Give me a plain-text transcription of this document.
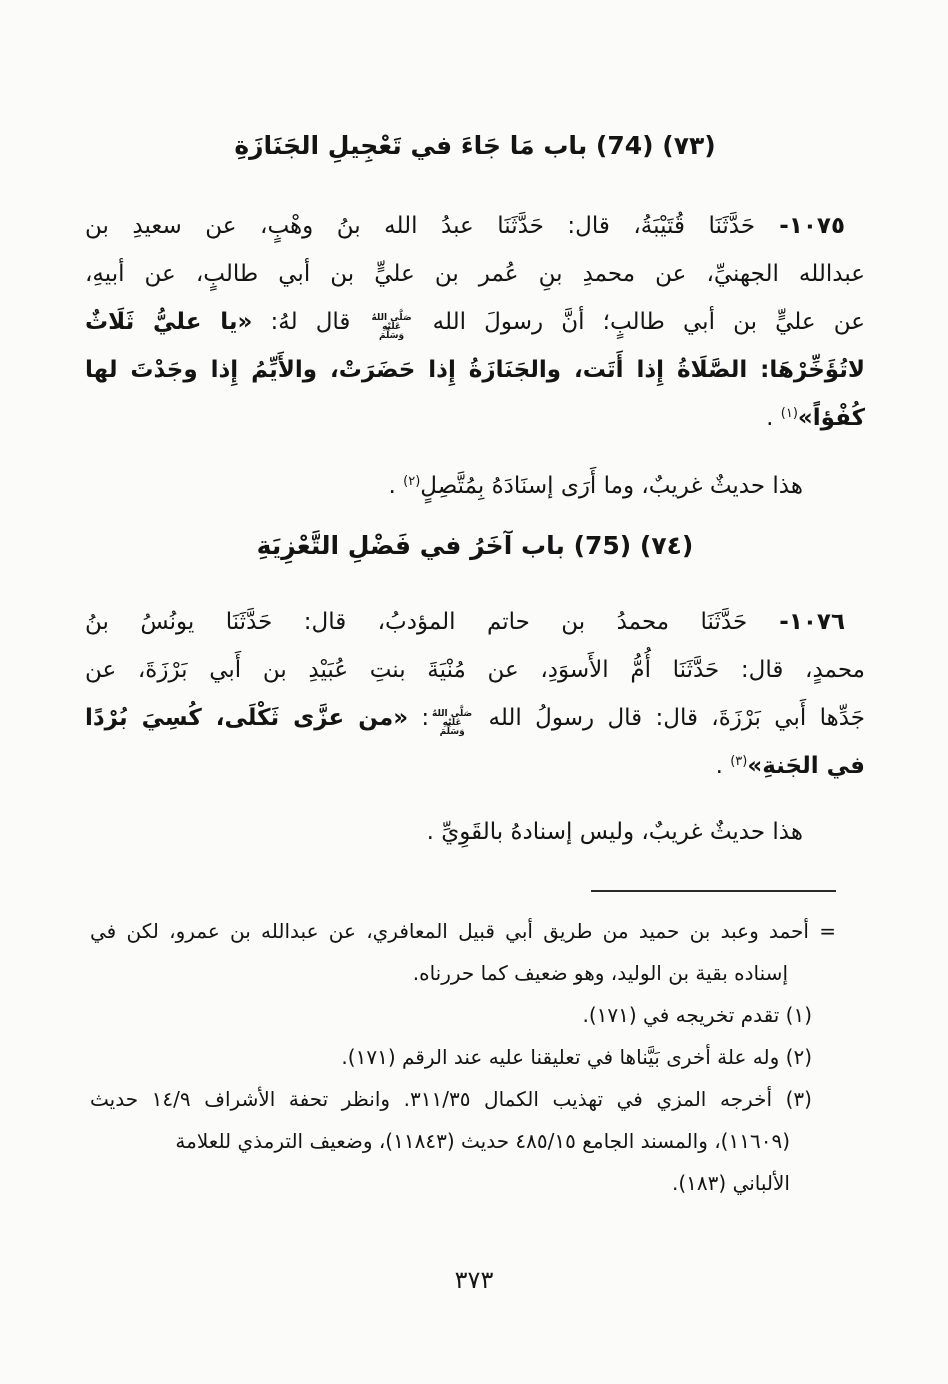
(٧٣) (74) باب مَا جَاءَ في تَعْجِيلِ الجَنَازَةِ
١٠٧٥- حَدَّثَنَا قُتَيْبَةُ، قال: حَدَّثَنَا عبدُ الله بنُ وهْبٍ، عن سعيدِ بن
عبدالله الجهنيِّ، عن محمدِ بنِ عُمر بن عليٍّ بن أبي طالبٍ، عن أبيهِ،
عن عليٍّ بن أبي طالبٍ؛ أنَّ رسولَ الله
صَلَّى اللهُ
عَلَيْهِ وَسَلَّمَ
قال لهُ: «يا عليُّ ثَلَاثٌ
لاتُؤَخِّرْهَا: الصَّلَاةُ إِذا أَتَت، والجَنَازَةُ إِذا حَضَرَتْ، والأَيِّمُ إِذا وجَدْتَ لها
كُفْؤاً»$^{(١)}$ .
هذا حديثٌ غريبٌ، وما أَرَى إسنَادَهُ بِمُتَّصِلٍ$^{(٢)}$ .
(٧٤) (75) باب آخَرُ في فَضْلِ التَّعْزِيَةِ
١٠٧٦- حَدَّثَنَا محمدُ بن حاتم المؤدبُ، قال: حَدَّثَنَا يونُسُ بنُ
محمدٍ، قال: حَدَّثَنَا أُمُّ الأَسوَدِ، عن مُنْيَةَ بنتِ عُبَيْدِ بن أَبي بَرْزَةَ، عن
جَدِّها أَبي بَرْزَةَ، قال: قال رسولُ الله
صَلَّى اللهُ
عَلَيْهِ وَسَلَّمَ
: «من عزَّى ثَكْلَى، كُسِيَ بُرْدًا
في الجَنةِ»$^{(٣)}$ .
هذا حديثٌ غريبٌ، وليس إسنادهُ بالقَوِيِّ .
= أحمد وعبد بن حميد من طريق أبي قبيل المعافري، عن عبدالله بن عمرو، لكن في
إسناده بقية بن الوليد، وهو ضعيف كما حررناه.
(١) تقدم تخريجه في (١٧١).
(٢) وله علة أخرى بَيَّناها في تعليقنا عليه عند الرقم (١٧١).
(٣) أخرجه المزي في تهذيب الكمال ٣١١/٣٥. وانظر تحفة الأشراف ١٤/٩ حديث
(١١٦٠٩)، والمسند الجامع ٤٨٥/١٥ حديث (١١٨٤٣)، وضعيف الترمذي للعلامة
الألباني (١٨٣).
٣٧٣
